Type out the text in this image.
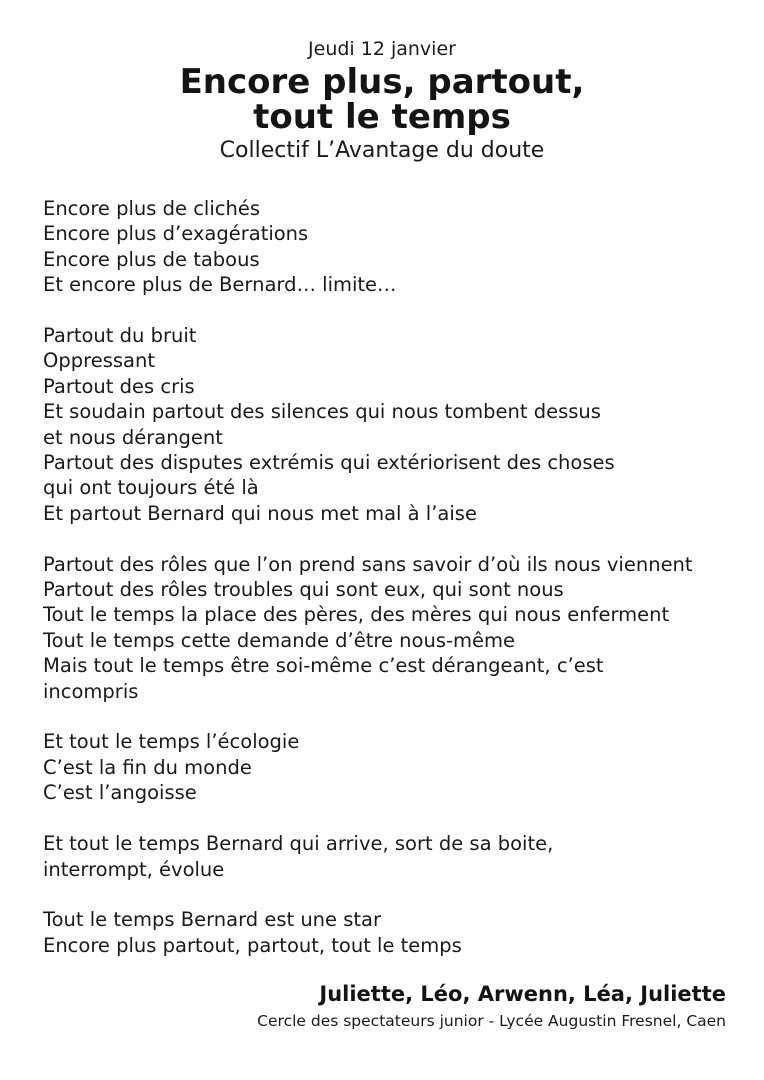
Jeudi 12 janvier
Encore plus, partout,
tout le temps
Collectif L’Avantage du doute
Encore plus de clichés
Encore plus d’exagérations
Encore plus de tabous
Et encore plus de Bernard… limite…
Partout du bruit
Oppressant
Partout des cris
Et soudain partout des silences qui nous tombent dessus
et nous dérangent
Partout des disputes extrémis qui extériorisent des choses
qui ont toujours été là
Et partout Bernard qui nous met mal à l’aise
Partout des rôles que l’on prend sans savoir d’où ils nous viennent
Partout des rôles troubles qui sont eux, qui sont nous
Tout le temps la place des pères, des mères qui nous enferment
Tout le temps cette demande d’être nous-même
Mais tout le temps être soi-même c’est dérangeant, c’est
incompris
Et tout le temps l’écologie
C’est la fin du monde
C’est l’angoisse
Et tout le temps Bernard qui arrive, sort de sa boite,
interrompt, évolue
Tout le temps Bernard est une star
Encore plus partout, partout, tout le temps
Juliette, Léo, Arwenn, Léa, Juliette
Cercle des spectateurs junior - Lycée Augustin Fresnel, Caen
